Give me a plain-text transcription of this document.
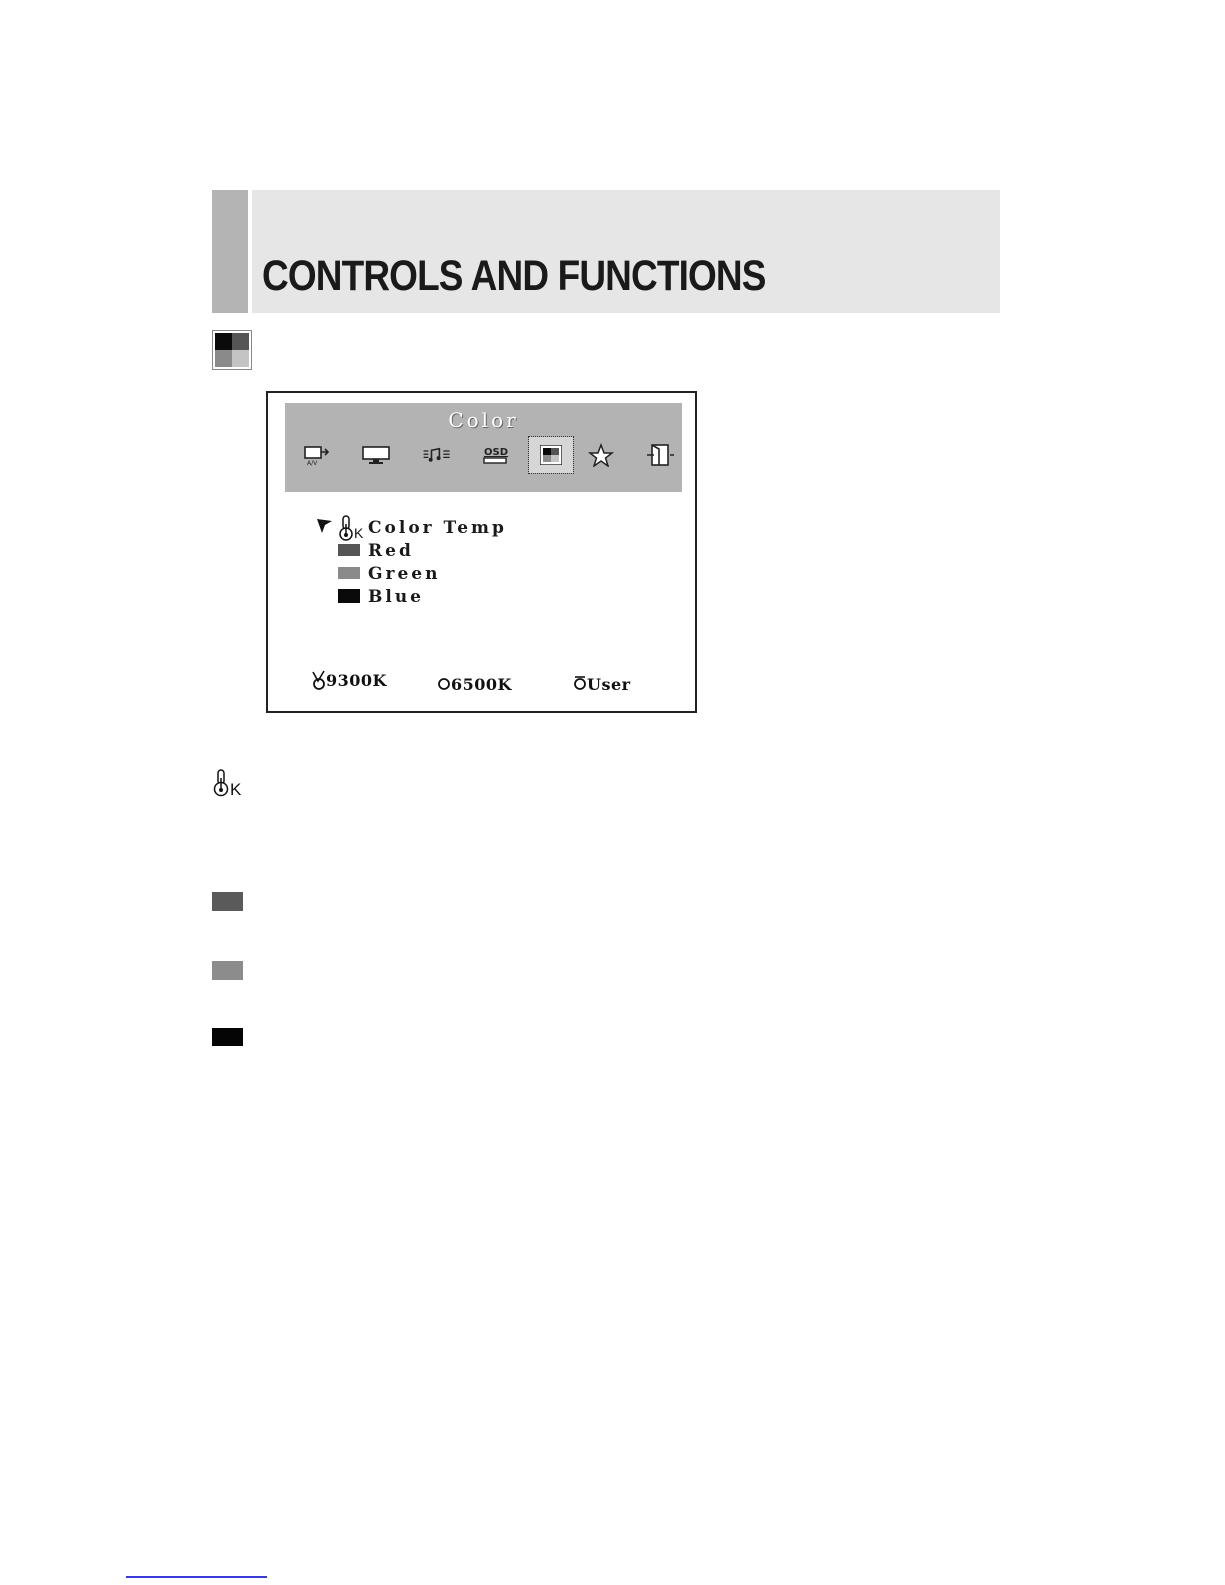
CONTROLS AND FUNCTIONS
Color
A/V
OSD
K Color Temp
Red
Green
Blue
9300K	6500K	User
K
